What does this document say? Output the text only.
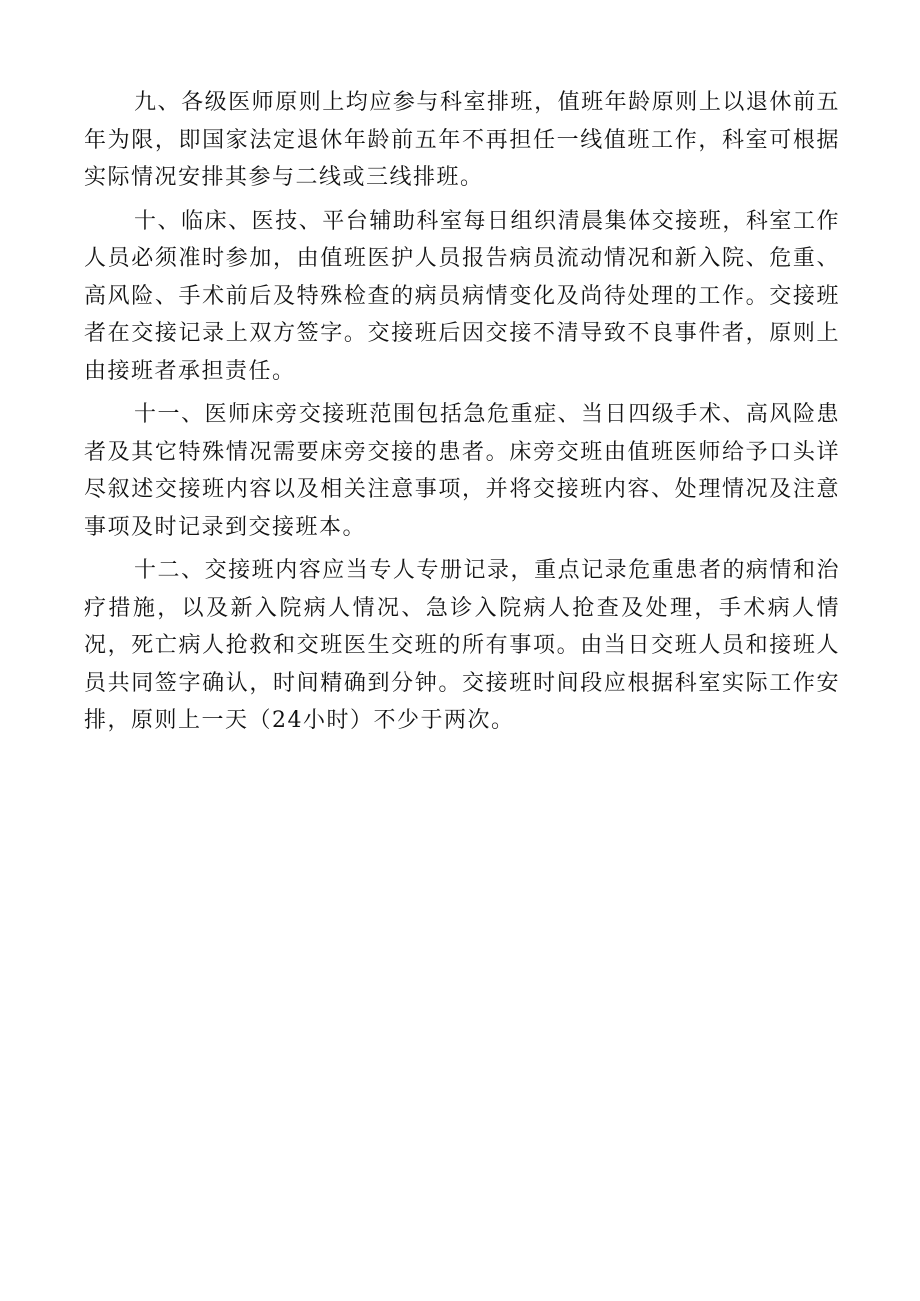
九、各级医师原则上均应参与科室排班，值班年龄原则上以退休前五年为限，即国家法定退休年龄前五年不再担任一线值班工作，科室可根据实际情况安排其参与二线或三线排班。

十、临床、医技、平台辅助科室每日组织清晨集体交接班，科室工作人员必须准时参加，由值班医护人员报告病员流动情况和新入院、危重、高风险、手术前后及特殊检查的病员病情变化及尚待处理的工作。交接班者在交接记录上双方签字。交接班后因交接不清导致不良事件者，原则上由接班者承担责任。

十一、医师床旁交接班范围包括急危重症、当日四级手术、高风险患者及其它特殊情况需要床旁交接的患者。床旁交班由值班医师给予口头详尽叙述交接班内容以及相关注意事项，并将交接班内容、处理情况及注意事项及时记录到交接班本。

十二、交接班内容应当专人专册记录，重点记录危重患者的病情和治疗措施，以及新入院病人情况、急诊入院病人抢查及处理，手术病人情况，死亡病人抢救和交班医生交班的所有事项。由当日交班人员和接班人员共同签字确认，时间精确到分钟。交接班时间段应根据科室实际工作安排，原则上一天（24小时）不少于两次。
